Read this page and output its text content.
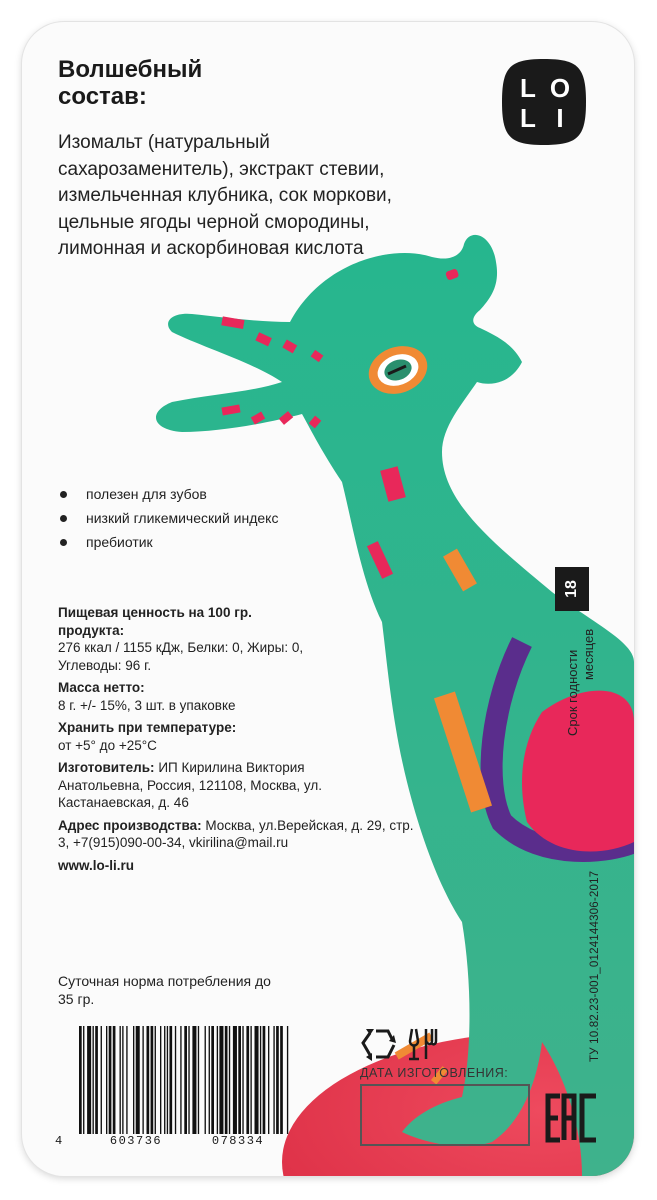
Волшебный
состав:
Изомальт (натуральный сахарозаменитель), экстракт стевии, измельченная клубника, сок моркови, цельные ягоды черной смородины, лимонная и аскорбиновая кислота
L O
L I
полезен для зубов
низкий гликемический индекс
пребиотик
Пищевая ценность на 100 гр. продукта:
276 ккал / 1155 кДж, Белки: 0, Жиры: 0, Углеводы: 96 г.
Масса нетто:
8 г. +/- 15%, 3 шт. в упаковке
Хранить при температуре:
от +5° до +25°С
Изготовитель: ИП Кирилина Виктория Анатольевна, Россия, 121108, Москва, ул. Кастанаевская, д. 46
Адрес производства: Москва, ул.Верейская, д. 29, стр. 3, +7(915)090-00-34, vkirilina@mail.ru
www.lo-li.ru
Суточная норма потребления до 35 гр.
4	603736	078334
ДАТА ИЗГОТОВЛЕНИЯ:
EAC
18
Срок годности месяцев
ТУ 10.82.23-001_0124144306-2017
